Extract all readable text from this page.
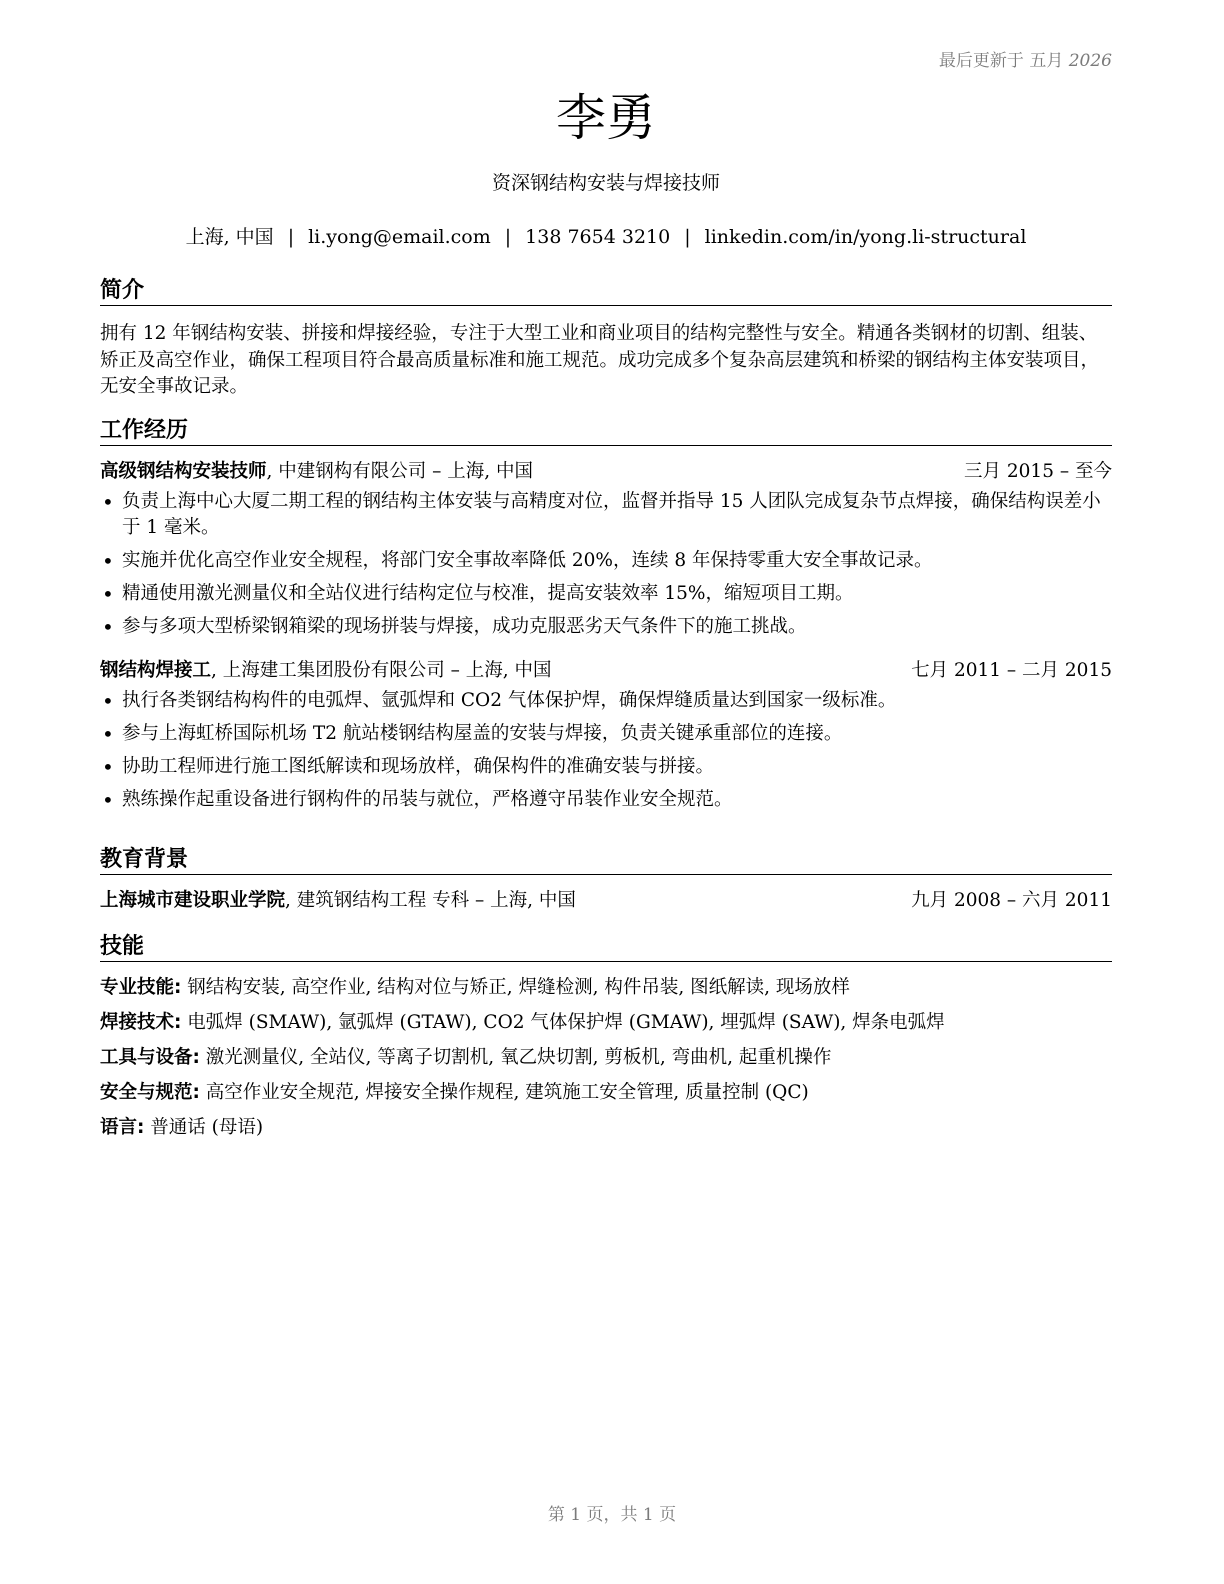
最后更新于 五月 2026
李勇
资深钢结构安装与焊接技师
上海, 中国 | li.yong@email.com | 138 7654 3210 | linkedin.com/in/yong.li-structural
简介
拥有 12 年钢结构安装、拼接和焊接经验，专注于大型工业和商业项目的结构完整性与安全。精通各类钢材的切割、组装、矫正及高空作业，确保工程项目符合最高质量标准和施工规范。成功完成多个复杂高层建筑和桥梁的钢结构主体安装项目，无安全事故记录。
工作经历
高级钢结构安装技师, 中建钢构有限公司 – 上海, 中国	三月 2015 – 至今
• 负责上海中心大厦二期工程的钢结构主体安装与高精度对位，监督并指导 15 人团队完成复杂节点焊接，确保结构误差小于 1 毫米。
• 实施并优化高空作业安全规程，将部门安全事故率降低 20%，连续 8 年保持零重大安全事故记录。
• 精通使用激光测量仪和全站仪进行结构定位与校准，提高安装效率 15%，缩短项目工期。
• 参与多项大型桥梁钢箱梁的现场拼装与焊接，成功克服恶劣天气条件下的施工挑战。
钢结构焊接工, 上海建工集团股份有限公司 – 上海, 中国	七月 2011 – 二月 2015
• 执行各类钢结构构件的电弧焊、氩弧焊和 CO2 气体保护焊，确保焊缝质量达到国家一级标准。
• 参与上海虹桥国际机场 T2 航站楼钢结构屋盖的安装与焊接，负责关键承重部位的连接。
• 协助工程师进行施工图纸解读和现场放样，确保构件的准确安装与拼接。
• 熟练操作起重设备进行钢构件的吊装与就位，严格遵守吊装作业安全规范。
教育背景
上海城市建设职业学院, 建筑钢结构工程 专科 – 上海, 中国	九月 2008 – 六月 2011
技能
专业技能: 钢结构安装, 高空作业, 结构对位与矫正, 焊缝检测, 构件吊装, 图纸解读, 现场放样
焊接技术: 电弧焊 (SMAW), 氩弧焊 (GTAW), CO2 气体保护焊 (GMAW), 埋弧焊 (SAW), 焊条电弧焊
工具与设备: 激光测量仪, 全站仪, 等离子切割机, 氧乙炔切割, 剪板机, 弯曲机, 起重机操作
安全与规范: 高空作业安全规范, 焊接安全操作规程, 建筑施工安全管理, 质量控制 (QC)
语言: 普通话 (母语)
第 1 页，共 1 页
